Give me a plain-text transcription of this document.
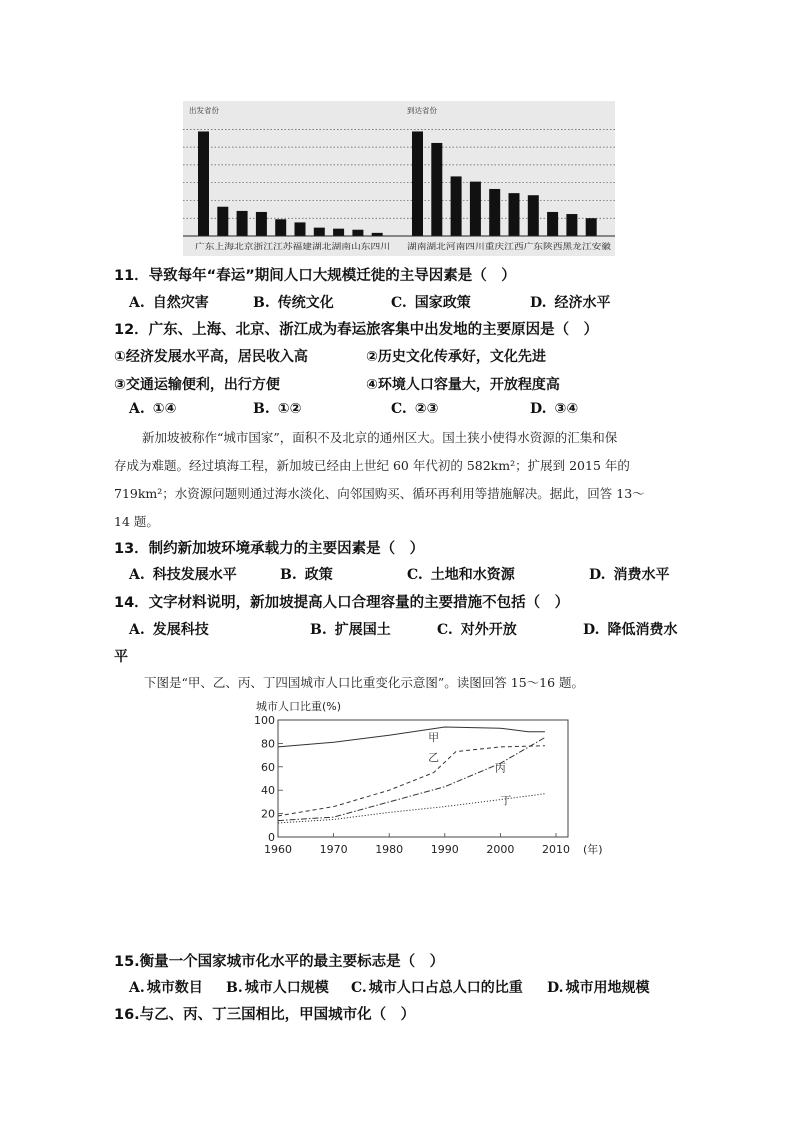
出发省份	到达省份
广东上海北京浙江江苏福建湖北湖南山东四川	湖南湖北河南四川重庆江西广东陕西黑龙江安徽
11．导致每年“春运”期间人口大规模迁徙的主导因素是（　）
A. 自然灾害	B. 传统文化	C. 国家政策	D. 经济水平
12．广东、上海、北京、浙江成为春运旅客集中出发地的主要原因是（　）
①经济发展水平高，居民收入高	②历史文化传承好，文化先进
③交通运输便利，出行方便	④环境人口容量大，开放程度高
A. ①④	B. ①②	C. ②③	D. ③④
新加坡被称作“城市国家”，面积不及北京的通州区大。国土狭小使得水资源的汇集和保
存成为难题。经过填海工程，新加坡已经由上世纪 60 年代初的 582km²；扩展到 2015 年的
719km²；水资源问题则通过海水淡化、向邻国购买、循环再利用等措施解决。据此，回答 13～
14 题。
13．制约新加坡环境承载力的主要因素是（　）
A. 科技发展水平	B. 政策	C. 土地和水资源	D. 消费水平
14．文字材料说明，新加坡提高人口合理容量的主要措施不包括（　）
A. 发展科技	B. 扩展国土	C. 对外开放	D. 降低消费水
平
下图是“甲、乙、丙、丁四国城市人口比重变化示意图”。读图回答 15～16 题。
城市人口比重(%)
0
20
40
60
80
100
1960	1970	1980	1990	2000	2010
甲
乙
丙
丁
(年)
15.衡量一个国家城市化水平的最主要标志是（　）
A. 城市数目 B. 城市人口规模 C. 城市人口占总人口的比重 D. 城市用地规模
16.与乙、丙、丁三国相比，甲国城市化（　）
